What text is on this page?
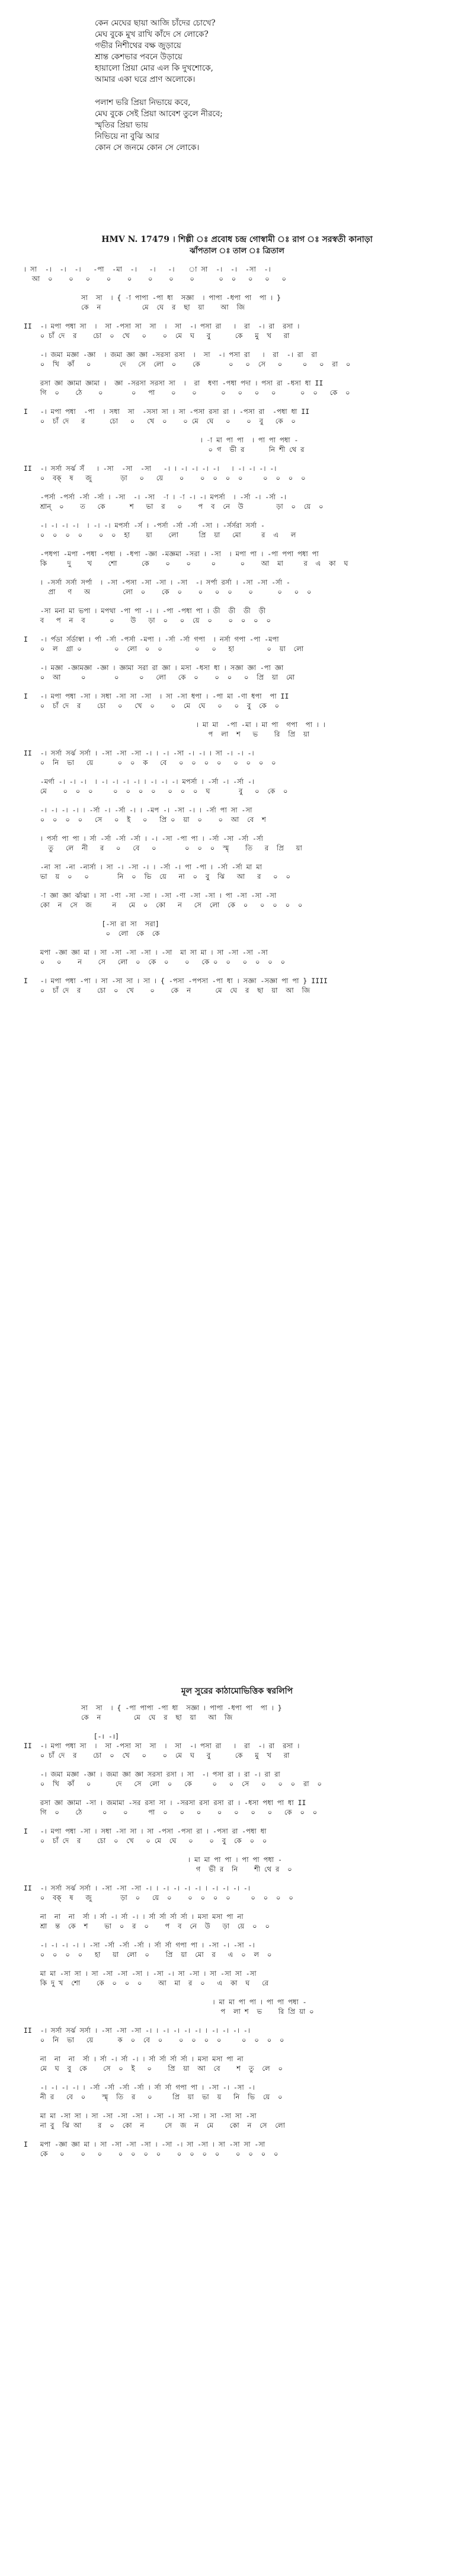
কেন মেঘের ছায়া আজি চাঁদের চোখে?
মেঘ বুকে মুখ রাখি কাঁদে সে লোকে?
গভীর নিশীথের বক্ষ জুড়ায়ে
শ্রান্ত কেশভার পবনে উড়ায়ে
হায়ালো প্রিয়া মোর এল কি দুখশোকে,
আমার একা ঘরে প্রাণ অলোকে।
পলাশ ভরি প্রিয়া নিভায়ে কবে,
মেঘ বুকে সেই প্রিয়া আবেশ তুলে নীরবে;
স্মৃতির প্রিয়া ভায়
নিভিয়ে না বুঝি আর
কোন সে জনমে কোন সে লোকে।
HMV N. 17479 । শিল্পী ঃ প্রবোধ চন্দ্র গোস্বামী ঃ রাগ ঃ সরস্বতী কানাড়া
ঝাঁপতাল ঃ তাল ঃ ত্রিতাল
। সা  -।  -।  -।   -পা  -মা  -।   -।   -।    া সা  -।  -।  -সা  -।
আ  ০    ০   ০    ০    ০    ০    ০    ০      ০  ০   ০   ০   ০
সা  সা  । { -া পাপা -পা ধা  সজ্ঞা  । পাপা -ধপা পা  পা । }
কে  ন          মে  ঘে  র  ছা  য়া    আ  জি
II  -। মপা পধা সা  ।  সা -পসা সা  সা  ।  সা  -। পসা রা   ।  রা  -। রা  রসা ।
০ চাঁ দে  র    চো  ০  খে   ০    ০  মে  ঘ   বু      কে   মু  খ   রা
-। জমা মজ্ঞা -জ্ঞা  । জমা জ্ঞা জ্ঞা -সরসা রসা  ।  সা  -। পসা রা   ।  রা  -। রা  রা
০  খি  কাঁ   ০       দে   সে  লো  ০    কে       ০   ০  সে   ০     ০   ০  রা  ০
রসা জ্ঞা জ্ঞামা জ্ঞামা ।  জ্ঞা -সরসা সরসা সা  ।  রা  ধণা -পধা পদা । পসা রা -ধসা ধা II
গি  ০    ঠে    ০       ০   পা    ০    ০      ০   ০   ০   ০      ০  ০   কে  ০
I   -। মপা পধা  -পা  । সধা  সা  -সসা সা । সা -পসা রসা রা । -পসা রা  -পধা ধা II
০  চাঁ দে   র      চো   ০   খে  ০    ০ মে  ঘে   ০    ০  বু   কে  ০
। -া মা পা পা  । পা পা পধা -
০ গ  ভী র      নি শী থে র
II  -। সর্সা সর্ঝ সঁ   । -সা  -সা  -সা   -। । -। -। -। -।   । -। -। -। -।
০  বক্  ষ   জু       ড়া   ০   য়ে    ০    ০  ০  ০  ০     ০  ০  ০  ০
-পর্সা -পর্সা -র্সা -র্সা । -সা  -। -সা  -া । -া -। -। মপর্সা  । -র্সা -। -র্সা -।
শ্রান্  ০    ত   কে      শ   ভা  র   ০    প  ব  নে  উ        ড়া  ০  য়ে  ০
-। -। -। -।  । -। -। মপর্সা -র্স । -পর্সা -র্সা -র্সা -সা । -র্সর্সরা সর্সা -
০  ০  ০  ০    ০  ০  হা    য়া    লো     প্রি  য়া   মো     র  এ   ল
-পধপা -মপা -পধা -পধা । -ধপা -জ্ঞা -মজ্ঞমা -সরা । -সা  । মপা পা । -পা পপা পধা পা
কি     দু    খ    শো      কে    ০    ০     ০      ০    আ  মা     র  এ  কা  ঘ
। -সর্সা সর্সা সর্পা  । -সা -পসা -সা -সা । -সা  -। সর্পা রর্সা । -সা -সা -র্সা -
প্রা   ণ   অ        লো  ০    কে  ০    ০   ০  ০    ০      ০   ০  ০
-সা মনা মা ভপা । মপথা -পা পা -। । -পা -পধা পা । ডী  ডী  ডী  ড়ী
ব   প  ন  ব      ০    উ   ড়া  ০   ০  য়ে  ০    ০  ০  ০  ০
I   -। র্পডা র্সর্ডাস্বা । র্পা -র্সা -পর্সা -মপা । -র্সা -র্সা গপা  । নর্সা গপা -পা -মপা
০  ল  গ্রা ০        ০  লো  ০  ০        ০   ০   হা        ০  য়া  লো
-। মজ্ঞা -জ্ঞামজ্ঞা -জ্ঞা । জ্ঞামা সরা রা জ্ঞা । মসা -ধসা ধা । সজ্ঞা জ্ঞা -পা জ্ঞা
০  আ     ০       ০     ০   লো   কে  ০    ০  ০   ০  প্রি  য়া  মো
I   -। মপা পধা -সা । সধা -সা সা -সা  । সা -সা ধপা । -পা মা -ণা ধপা  পা II
০  চাঁ দে  র    চো   ০   খে  ০    ০  মে  ঘে   ০   ০  বু  কে  ০
। মা মা  -পা -মা । মা পা  গপা  পা । ।
প  লা  শ   ভ    রি  প্রি  য়া
II  -। সর্সা সর্ঝ সর্সা । -সা -সা -সা -। । -। -সা -। -। । সা -। -। -।
০  নি  ভা   য়ে      ০  ০  ক   বে   ০  ০  ০  ০   ০  ০  ০  ০
-মর্গা -। -। -।  । -। -। -। -। । -। -। -। মপর্সা । -র্সা -। -র্সা -।
মে    ০  ০  ০     ০  ০  ০  ০   ০  ০  ০  ঘ       বু   ০  কে  ০
-। -। -। -। । -র্সা -। -র্সা -। । -মপ -। -সা -। । -র্সা পা সা -সা
০  ০  ০  ০   সে   ০  ই   ০   প্রি ০  য়া  ০    ০  আ  বে  শ
। পর্সা পা পা । র্সা -র্সা -র্সা -র্সা । -। -সা -পা পা । -র্সা -সা -র্সা -র্সা
তু   লে  নী   র   ০   বে   ০       ০  ০  ০  স্মৃ    তি   র  প্রি   য়া
-না সা -না -নার্সা । সা -। -সা -। । -র্সা -। পা -পা । -র্সা -র্সা মা মা
ভা  য়  ০   ০       নি  ০  ভি  য়ে   না  ০  বু  ঝি   আ   র   ০  ০
-া জ্ঞা জ্ঞা র্ঝাঝা । সা -ণা -সা -সা । -সা -ণা -সা -সা । পা -সা -সা -সা
কো  ন  সে  জ     ন   মে  ০  কো   ন   সে  লো  কে  ০   ০  ০  ০  ০
[-সা রা সা  সরা]
০  লো  কে  কে
মপা -জ্ঞা জ্ঞা মা । সা -সা -সা -সা । -সা  মা সা মা । সা -সা -সা -সা
০   ০    ন    সে   লো  ০  কে  ০    ০   কে ০  ০   ০  ০  ০  ০
I   -। মপা পধা -পা । সা -সা সা । সা । { -পসা -পপসা -পা ধা । সজ্ঞা -সজ্ঞা পা পা } IIII
০  চাঁ দে  র    চো  ০  খে    ০    কে  ন      মে  ঘে  র  ছা  য়া  আ  জি
মূল সুরের কাঠামোভিত্তিক স্বরলিপি
সা  সা  । { -পা পাপা -পা ধা  সজ্ঞা । পাপা -ধপা পা  পা । }
কে  ন        মে  ঘে  র  ছা  য়া   আ  জি
[-। -।]
II  -। মপা পধা সা  ।  সা -পসা সা  সা  ।  সা  -। পসা রা   ।  রা  -। রা  রসা ।
০ চাঁ দে  র    চো  ০  খে   ০    ০  মে  ঘ   বু      কে   মু  খ   রা
-। জমা মজ্ঞা -জ্ঞা । জমা জ্ঞা জ্ঞা সরসা রসা । সা  -। পসা রা । রা -। রা রা
০  খি  কাঁ   ০      দে   সে  লো  ০   কে     ০   ০  সে   ০   ০  ০  রা  ০
রসা জ্ঞা জ্ঞামা -সা । জমামা -সর রসা সা । -সরসা রসা রসা রা । -ধসা পধা পা ধা II
গি  ০    ঠে     ০    ০     পা  ০   ০   ০    ০   ০   ০   ০   কে  ০  ০
I   -। মপা পধা -সা । সধা -সা সা । সা -পসা -পসা রা । -পসা রা -পধা ধা
০  চাঁ দে  র    চো  ০  খে   ০ মে  ঘে   ০    ০  বু  কে  ০  ০
। মা মা পা পা । পা পা পধা -
গ  ভী র  নি    শী থে র  ০
II  -। সর্সা সর্ঝ সর্সা । -সা -সা -সা -। । -। -। -। -। । -। -। -। -।
০  বক্  ষ   জু       ড়া  ০   য়ে  ০    ০  ০  ০  ০     ০  ০  ০  ০
না  না  না  র্সা । র্সা -। র্সা -। । র্সা র্সা র্সা র্সা । মসা মসা পা না
শ্রা  ন্ত  কে  শ    ভা  ০  র  ০    প  ব  নে  উ   ড়া  য়ে  ০  ০
-। -। -। -। । -সা -র্সা -র্সা -র্সা । র্সা র্সা গপা পা । -সা -। -সা -।
০  ০  ০  ০   হা   য়া  লো  ০    প্রি  য়া  মো  র   এ  ০  ল  ০
মা মা -সা সা । সা -সা -সা -সা । -সা -। সা -সা । সা -সা সা -সা
কি দু খ  শো    কে  ০  ০  ০    আ  মা  র  ০   এ  কা  ঘ   রে
। মা মা পা পা । পা পা পধা -
প  লা শ  ভ    রি প্রি য়া ০
II  -। সর্সা সর্ঝ সর্সা । -সা -সা -সা -। । -। -। -। -। । -। -। -। -।
০  নি  ভা   য়ে      ক  ০  বে  ০    ০  ০  ০  ০     ০  ০  ০  ০
না  না  না  র্সা । র্সা -। র্সা -। । র্সা র্সা র্সা র্সা । মসা মসা পা না
মে  ঘ  বু  কে    সে  ০  ই   ০    প্রি  য়া  আ  বে    শ  তু  লে  ০
-। -। -। -। । -র্সা -র্সা -র্সা -র্সা । র্সা র্সা গপা পা । -সা -। -সা -।
নী র   বে  ০    স্মৃ  তি  র   ০     প্রি  য়া  ভা  য়   নি  ভি  য়ে  ০
মা মা -সা সা । সা -সা -সা -সা । -সা -। সা -সা । সা -সা সা -সা
না বু  ঝি আ    র  ০  কো  ন     সে  জ  ন  মে    কো  ন  সে  লো
I   মপা -জ্ঞা জ্ঞা মা । সা -সা -সা -সা । -সা -। সা -সা । সা -সা সা -সা
কে   ০    ০   ০    ০  ০  ০  ০    ০  ০  ০  ০    ০  ০  ০  ০
